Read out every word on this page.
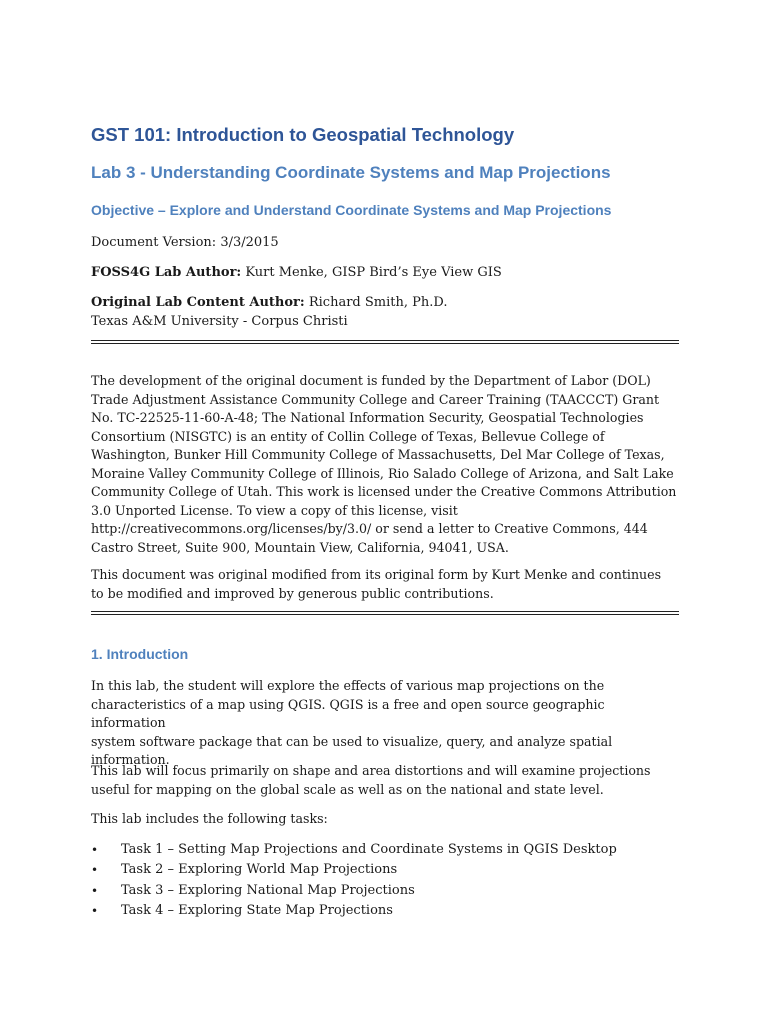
GST 101: Introduction to Geospatial Technology
Lab 3 - Understanding Coordinate Systems and Map Projections
Objective – Explore and Understand Coordinate Systems and Map Projections

Document Version: 3/3/2015

FOSS4G Lab Author: Kurt Menke, GISP Bird’s Eye View GIS

Original Lab Content Author: Richard Smith, Ph.D.

Texas A&M University - Corpus Christi

The development of the original document is funded by the Department of Labor (DOL)
Trade Adjustment Assistance Community College and Career Training (TAACCCT) Grant
No. TC-22525-11-60-A-48; The National Information Security, Geospatial Technologies
Consortium (NISGTC) is an entity of Collin College of Texas, Bellevue College of
Washington, Bunker Hill Community College of Massachusetts, Del Mar College of Texas,
Moraine Valley Community College of Illinois, Rio Salado College of Arizona, and Salt Lake
Community College of Utah. This work is licensed under the Creative Commons Attribution
3.0 Unported License. To view a copy of this license, visit
http://creativecommons.org/licenses/by/3.0/ or send a letter to Creative Commons, 444
Castro Street, Suite 900, Mountain View, California, 94041, USA.

This document was original modified from its original form by Kurt Menke and continues
to be modified and improved by generous public contributions.

1. Introduction

In this lab, the student will explore the effects of various map projections on the
characteristics of a map using QGIS. QGIS is a free and open source geographic information
system software package that can be used to visualize, query, and analyze spatial
information.

This lab will focus primarily on shape and area distortions and will examine projections
useful for mapping on the global scale as well as on the national and state level.

This lab includes the following tasks:

• Task 1 – Setting Map Projections and Coordinate Systems in QGIS Desktop
• Task 2 – Exploring World Map Projections
• Task 3 – Exploring National Map Projections
• Task 4 – Exploring State Map Projections
